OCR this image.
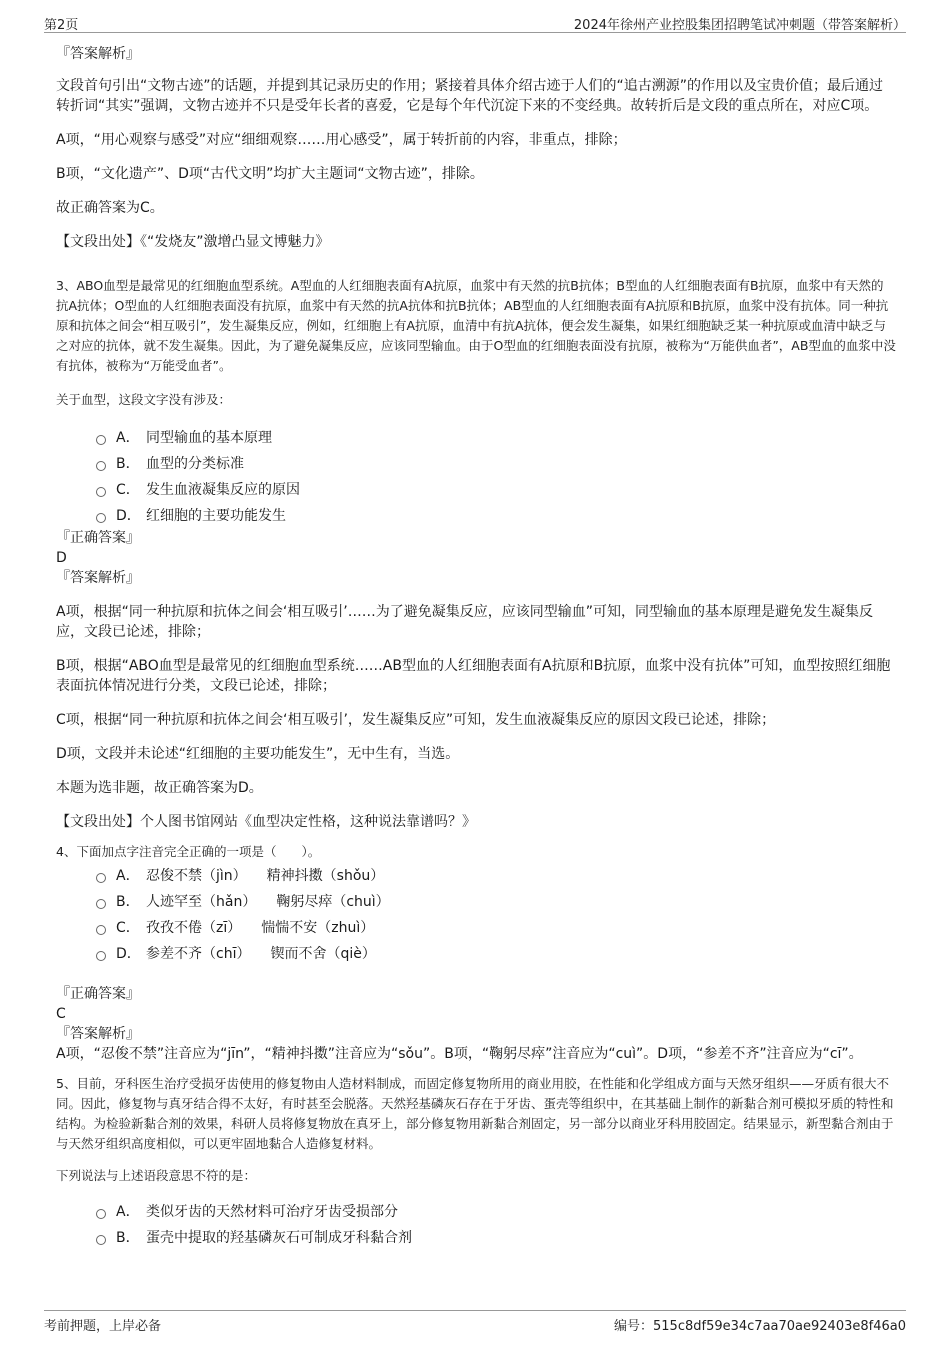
第2页	2024年徐州产业控股集团招聘笔试冲刺题（带答案解析）

『答案解析』

文段首句引出“文物古迹”的话题，并提到其记录历史的作用；紧接着具体介绍古迹于人们的“追古溯源”的作用以及宝贵价值；最后通过转折词“其实”强调，文物古迹并不只是受年长者的喜爱，它是每个年代沉淀下来的不变经典。故转折后是文段的重点所在，对应C项。

A项，“用心观察与感受”对应“细细观察……用心感受”，属于转折前的内容，非重点，排除；

B项，“文化遗产”、D项“古代文明”均扩大主题词“文物古迹”，排除。

故正确答案为C。

【文段出处】《“发烧友”激增凸显文博魅力》

3、ABO血型是最常见的红细胞血型系统。A型血的人红细胞表面有A抗原，血浆中有天然的抗B抗体；B型血的人红细胞表面有B抗原，血浆中有天然的抗A抗体；O型血的人红细胞表面没有抗原，血浆中有天然的抗A抗体和抗B抗体；AB型血的人红细胞表面有A抗原和B抗原，血浆中没有抗体。同一种抗原和抗体之间会“相互吸引”，发生凝集反应，例如，红细胞上有A抗原，血清中有抗A抗体，便会发生凝集，如果红细胞缺乏某一种抗原或血清中缺乏与之对应的抗体，就不发生凝集。因此，为了避免凝集反应，应该同型输血。由于O型血的红细胞表面没有抗原，被称为“万能供血者”，AB型血的血浆中没有抗体，被称为“万能受血者”。

关于血型，这段文字没有涉及：

A． 同型输血的基本原理
B． 血型的分类标准
C． 发生血液凝集反应的原因
D． 红细胞的主要功能发生

『正确答案』

D

『答案解析』

A项，根据“同一种抗原和抗体之间会‘相互吸引’……为了避免凝集反应，应该同型输血”可知，同型输血的基本原理是避免发生凝集反应，文段已论述，排除；

B项，根据“ABO血型是最常见的红细胞血型系统……AB型血的人红细胞表面有A抗原和B抗原，血浆中没有抗体”可知，血型按照红细胞表面抗体情况进行分类，文段已论述，排除；

C项，根据“同一种抗原和抗体之间会‘相互吸引’，发生凝集反应”可知，发生血液凝集反应的原因文段已论述，排除；

D项，文段并未论述“红细胞的主要功能发生”，无中生有，当选。

本题为选非题，故正确答案为D。

【文段出处】个人图书馆网站《血型决定性格，这种说法靠谱吗？》

4、下面加点字注音完全正确的一项是（　　）。

A． 忍俊不禁（jìn） 精神抖擞（shǒu）
B． 人迹罕至（hǎn） 鞠躬尽瘁（chuì）
C． 孜孜不倦（zī） 惴惴不安（zhuì）
D． 参差不齐（chī） 锲而不舍（qiè）

『正确答案』

C

『答案解析』

A项，“忍俊不禁”注音应为“jīn”，“精神抖擞”注音应为“sǒu”。B项，“鞠躬尽瘁”注音应为“cuì”。D项，“参差不齐”注音应为“cī”。

5、目前，牙科医生治疗受损牙齿使用的修复物由人造材料制成，而固定修复物所用的商业用胶，在性能和化学组成方面与天然牙组织——牙质有很大不同。因此，修复物与真牙结合得不太好，有时甚至会脱落。天然羟基磷灰石存在于牙齿、蛋壳等组织中，在其基础上制作的新黏合剂可模拟牙质的特性和结构。为检验新黏合剂的效果，科研人员将修复物放在真牙上，部分修复物用新黏合剂固定，另一部分以商业牙科用胶固定。结果显示，新型黏合剂由于与天然牙组织高度相似，可以更牢固地黏合人造修复材料。

下列说法与上述语段意思不符的是：

A． 类似牙齿的天然材料可治疗牙齿受损部分
B． 蛋壳中提取的羟基磷灰石可制成牙科黏合剂
考前押题，上岸必备	编号：515c8df59e34c7aa70ae92403e8f46a0
